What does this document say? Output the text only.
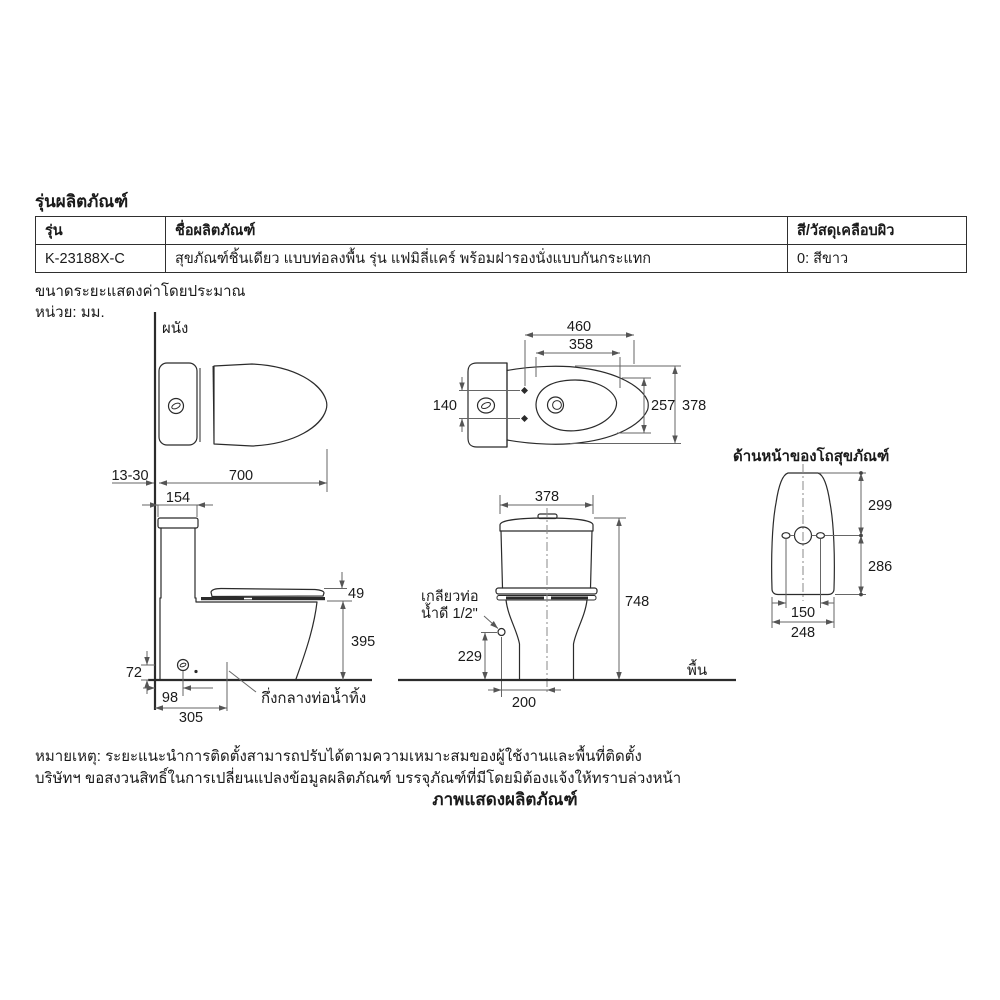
ผนัง
13-30	700
154
49
395
72
98
305
กึ่งกลางท่อน้ำทิ้ง
460
358
140	257 378
เกลียวท่อ
น้ำดี 1/2"
378
748
229
200
พื้น
ด้านหน้าของโถสุขภัณฑ์
299
286
150
248
รุ่นผลิตภัณฑ์
รุ่น	ชื่อผลิตภัณฑ์	สี/วัสดุเคลือบผิว
K-23188X-C	สุขภัณฑ์ชิ้นเดียว แบบท่อลงพื้น รุ่น แฟมิลี่แคร์ พร้อมฝารองนั่งแบบกันกระแทก	0: สีขาว
ขนาดระยะแสดงค่าโดยประมาณ
หน่วย: มม.
หมายเหตุ: ระยะแนะนำการติดตั้งสามารถปรับได้ตามความเหมาะสมของผู้ใช้งานและพื้นที่ติดตั้ง
บริษัทฯ ขอสงวนสิทธิ์ในการเปลี่ยนแปลงข้อมูลผลิตภัณฑ์ บรรจุภัณฑ์ที่มีโดยมิต้องแจ้งให้ทราบล่วงหน้า
ภาพแสดงผลิตภัณฑ์
